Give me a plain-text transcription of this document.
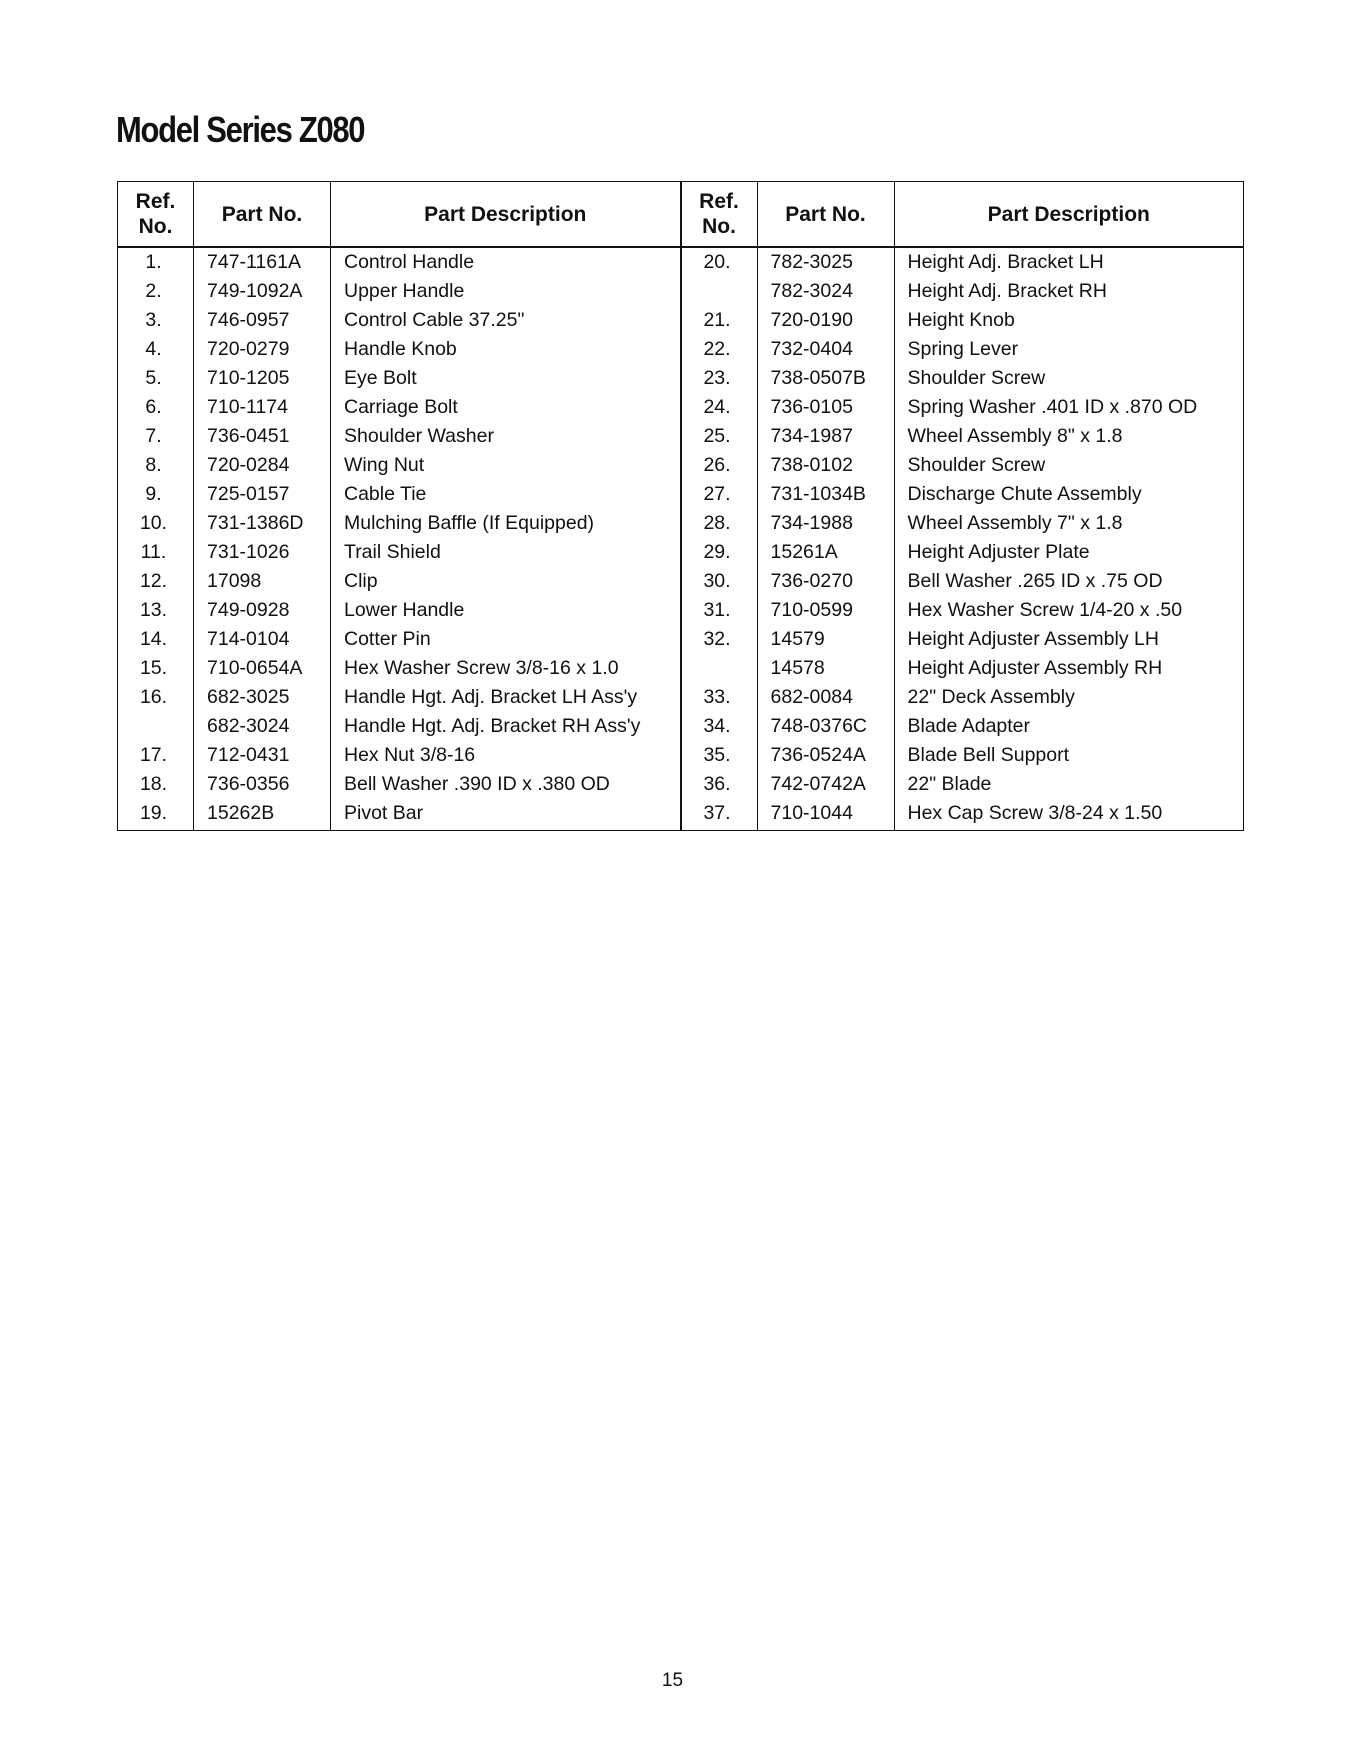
Model Series Z080
Ref.
No.
Part No.	Part Description
1.
2.
3.
4.
5.
6.
7.
8.
9.
10.
11.
12.
13.
14.
15.
16.
17.
18.
19.
747-1161A
749-1092A
746-0957
720-0279
710-1205
710-1174
736-0451
720-0284
725-0157
731-1386D
731-1026
17098
749-0928
714-0104
710-0654A
682-3025
682-3024
712-0431
736-0356
15262B
Control Handle
Upper Handle
Control Cable 37.25"
Handle Knob
Eye Bolt
Carriage Bolt
Shoulder Washer
Wing Nut
Cable Tie
Mulching Baffle (If Equipped)
Trail Shield
Clip
Lower Handle
Cotter Pin
Hex Washer Screw 3/8-16 x 1.0
Handle Hgt. Adj. Bracket LH Ass'y
Handle Hgt. Adj. Bracket RH Ass'y
Hex Nut 3/8-16
Bell Washer .390 ID x .380 OD
Pivot Bar
Ref.
No.
Part No.	Part Description
20.
21.
22.
23.
24.
25.
26.
27.
28.
29.
30.
31.
32.
33.
34.
35.
36.
37.
782-3025
782-3024
720-0190
732-0404
738-0507B
736-0105
734-1987
738-0102
731-1034B
734-1988
15261A
736-0270
710-0599
14579
14578
682-0084
748-0376C
736-0524A
742-0742A
710-1044
Height Adj. Bracket LH
Height Adj. Bracket RH
Height Knob
Spring Lever
Shoulder Screw
Spring Washer .401 ID x .870 OD
Wheel Assembly 8" x 1.8
Shoulder Screw
Discharge Chute Assembly
Wheel Assembly 7" x 1.8
Height Adjuster Plate
Bell Washer .265 ID x .75 OD
Hex Washer Screw 1/4-20 x .50
Height Adjuster Assembly LH
Height Adjuster Assembly RH
22" Deck Assembly
Blade Adapter
Blade Bell Support
22" Blade
Hex Cap Screw 3/8-24 x 1.50
15
